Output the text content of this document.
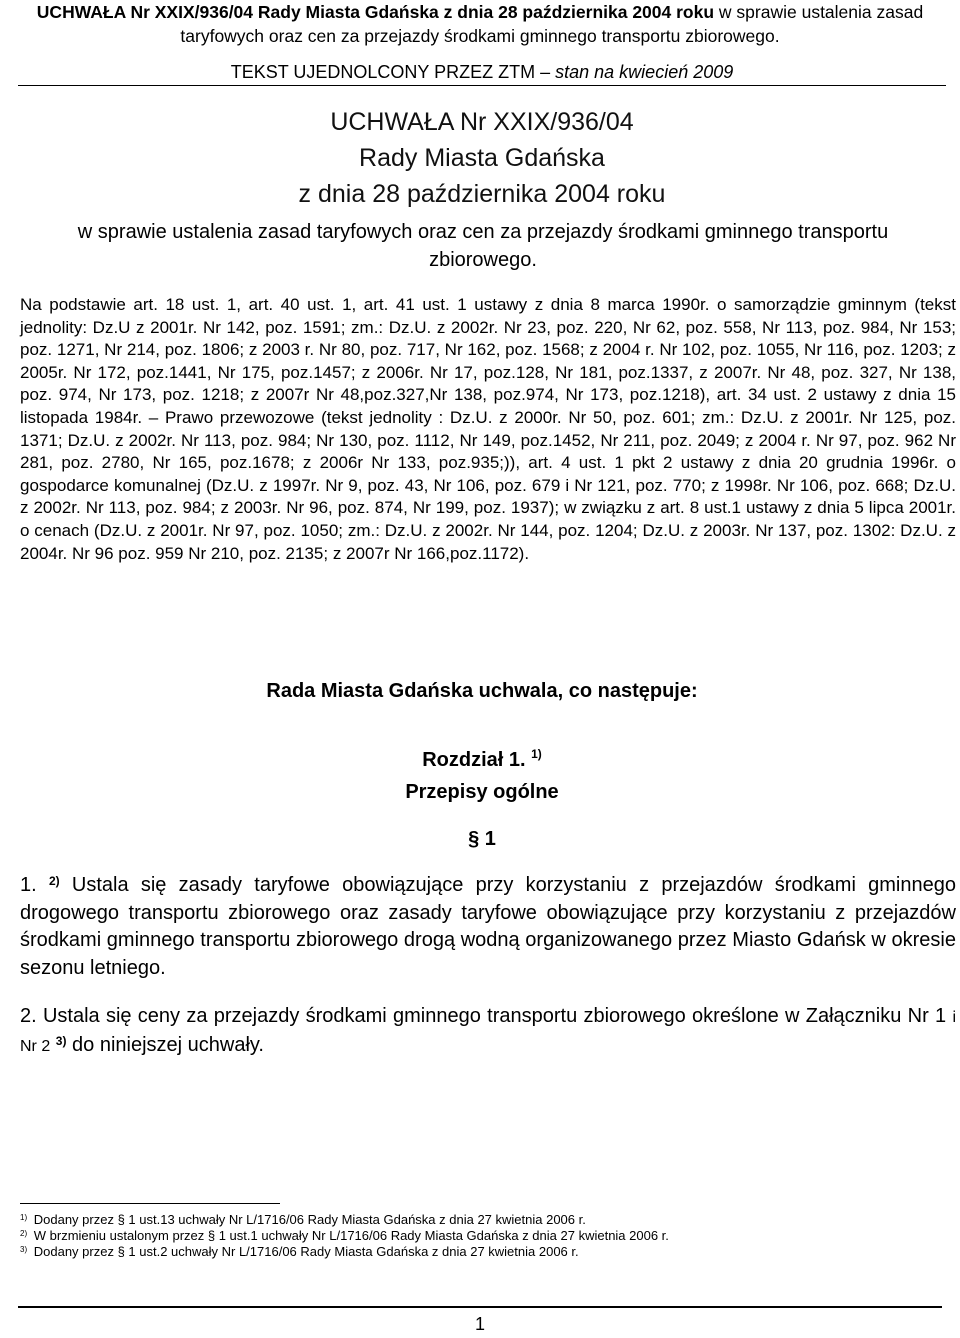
UCHWAŁA Nr XXIX/936/04 Rady Miasta Gdańska z dnia 28 października 2004 roku w sprawie ustalenia zasad taryfowych oraz cen za przejazdy środkami gminnego transportu zbiorowego.
TEKST UJEDNOLCONY PRZEZ ZTM – stan na kwiecień 2009
UCHWAŁA Nr XXIX/936/04
Rady Miasta Gdańska
z dnia 28 października 2004 roku
w sprawie ustalenia zasad taryfowych oraz cen za przejazdy środkami gminnego transportu zbiorowego.
Na podstawie art. 18 ust. 1, art. 40 ust. 1, art. 41 ust. 1 ustawy z dnia 8 marca 1990r. o samorządzie gminnym (tekst jednolity: Dz.U z 2001r. Nr 142, poz. 1591; zm.: Dz.U. z 2002r. Nr 23, poz. 220, Nr 62, poz. 558, Nr 113, poz. 984, Nr 153; poz. 1271, Nr 214, poz. 1806; z 2003 r. Nr 80, poz. 717, Nr 162, poz. 1568; z 2004 r. Nr 102, poz. 1055, Nr 116, poz. 1203; z 2005r. Nr 172, poz.1441, Nr 175, poz.1457; z 2006r. Nr 17, poz.128, Nr 181, poz.1337, z 2007r. Nr 48, poz. 327, Nr 138, poz. 974, Nr 173, poz. 1218; z 2007r Nr 48,poz.327,Nr 138, poz.974, Nr 173, poz.1218), art. 34 ust. 2 ustawy z dnia 15 listopada 1984r. – Prawo przewozowe (tekst jednolity : Dz.U. z 2000r. Nr 50, poz. 601; zm.: Dz.U. z 2001r. Nr 125, poz. 1371; Dz.U. z 2002r. Nr 113, poz. 984; Nr 130, poz. 1112, Nr 149, poz.1452, Nr 211, poz. 2049; z 2004 r. Nr 97, poz. 962 Nr 281, poz. 2780, Nr 165, poz.1678; z 2006r Nr 133, poz.935;)), art. 4 ust. 1 pkt 2 ustawy z dnia 20 grudnia 1996r. o gospodarce komunalnej (Dz.U. z 1997r. Nr 9, poz. 43, Nr 106, poz. 679 i Nr 121, poz. 770; z 1998r. Nr 106, poz. 668; Dz.U. z 2002r. Nr 113, poz. 984; z 2003r. Nr 96, poz. 874, Nr 199, poz. 1937); w związku z art. 8 ust.1 ustawy z dnia 5 lipca 2001r. o cenach (Dz.U. z 2001r. Nr 97, poz. 1050; zm.: Dz.U. z 2002r. Nr 144, poz. 1204; Dz.U. z 2003r. Nr 137, poz. 1302: Dz.U. z 2004r. Nr 96 poz. 959 Nr 210, poz. 2135; z 2007r Nr 166,poz.1172).
Rada Miasta Gdańska uchwala, co następuje:
Rozdział 1. $^{1)}$
Przepisy ogólne
§ 1
1. $^{2)}$ Ustala się zasady taryfowe obowiązujące przy korzystaniu z przejazdów środkami gminnego drogowego transportu zbiorowego oraz zasady taryfowe obowiązujące przy korzystaniu z przejazdów środkami gminnego transportu zbiorowego drogą wodną organizowanego przez Miasto Gdańsk w okresie sezonu letniego.
2. Ustala się ceny za przejazdy środkami gminnego transportu zbiorowego określone w Załączniku Nr 1 i Nr 2 $^{3)}$ do niniejszej uchwały.
$^{1)}$ Dodany przez § 1 ust.13 uchwały Nr L/1716/06 Rady Miasta Gdańska z dnia 27 kwietnia 2006 r.
$^{2)}$ W brzmieniu ustalonym przez § 1 ust.1 uchwały Nr L/1716/06 Rady Miasta Gdańska z dnia 27 kwietnia 2006 r.
$^{3)}$ Dodany przez § 1 ust.2 uchwały Nr L/1716/06 Rady Miasta Gdańska z dnia 27 kwietnia 2006 r.
1
